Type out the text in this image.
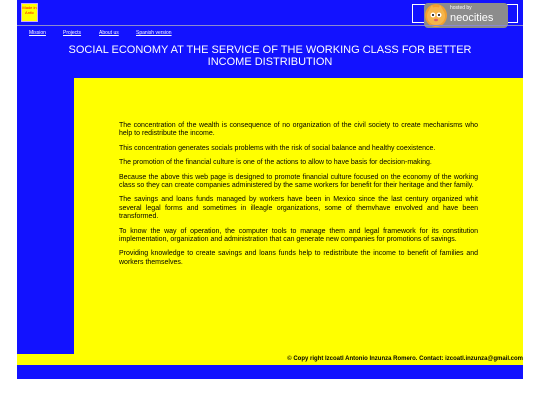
Made in Antic
hosted by
neocities
Mission	Projects	About us	Spanish version
SOCIAL ECONOMY AT THE SERVICE OF THE WORKING CLASS FOR BETTER INCOME DISTRIBUTION

The concentration of the wealth is consequence of no organization of the civil society to create mechanisms who help to redistribute the income.

This concentration generates socials problems with the risk of social balance and healthy coexistence.

The promotion of the financial culture is one of the actions to allow to have basis for decision-making.

Because the above this web page is designed to promote financial culture focused on the economy of the working class so they can create companies administered by the same workers for benefit for their heritage and ther family.

The savings and loans funds managed by workers have been in Mexico since the last century organized whit several legal forms and sometimes in illeagle organizations, some of themvhave envolved and have been transformed.

To know the way of operation, the computer tools to manage them and legal framework for its constitution implementation, organization and administration that can generate new companies for promotions of savings.

Providing knowledge to create savings and loans funds help to redistribute the income to benefit of families and workers themselves.

© Copy right Izcoatl Antonio Inzunza Romero. Contact: izcoatl.inzunza@gmail.com
